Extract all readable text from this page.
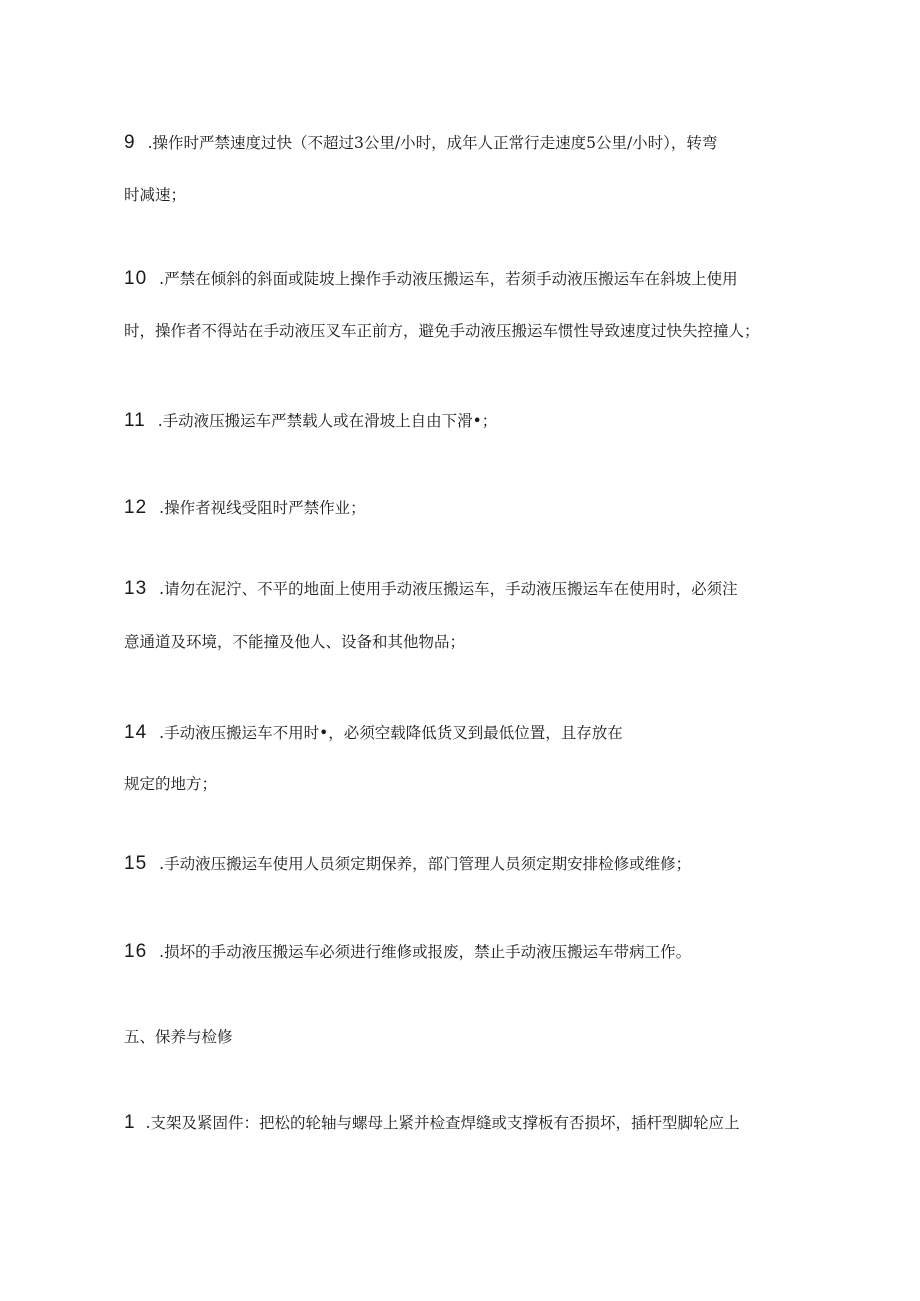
9 .操作时严禁速度过快（不超过3公里/小时，成年人正常行走速度5公里/小时），转弯
时减速；
10 .严禁在倾斜的斜面或陡坡上操作手动液压搬运车，若须手动液压搬运车在斜坡上使用
时，操作者不得站在手动液压叉车正前方，避免手动液压搬运车惯性导致速度过快失控撞人；
11 .手动液压搬运车严禁载人或在滑坡上自由下滑•；
12 .操作者视线受阻时严禁作业；
13 .请勿在泥泞、不平的地面上使用手动液压搬运车，手动液压搬运车在使用时，必须注
意通道及环境，不能撞及他人、设备和其他物品；
14 .手动液压搬运车不用时•，必须空载降低货叉到最低位置，且存放在
规定的地方；
15 .手动液压搬运车使用人员须定期保养，部门管理人员须定期安排检修或维修；
16 .损坏的手动液压搬运车必须进行维修或报废，禁止手动液压搬运车带病工作。
五、保养与检修
1 .支架及紧固件：把松的轮轴与螺母上紧并检查焊缝或支撑板有否损坏，插杆型脚轮应上
